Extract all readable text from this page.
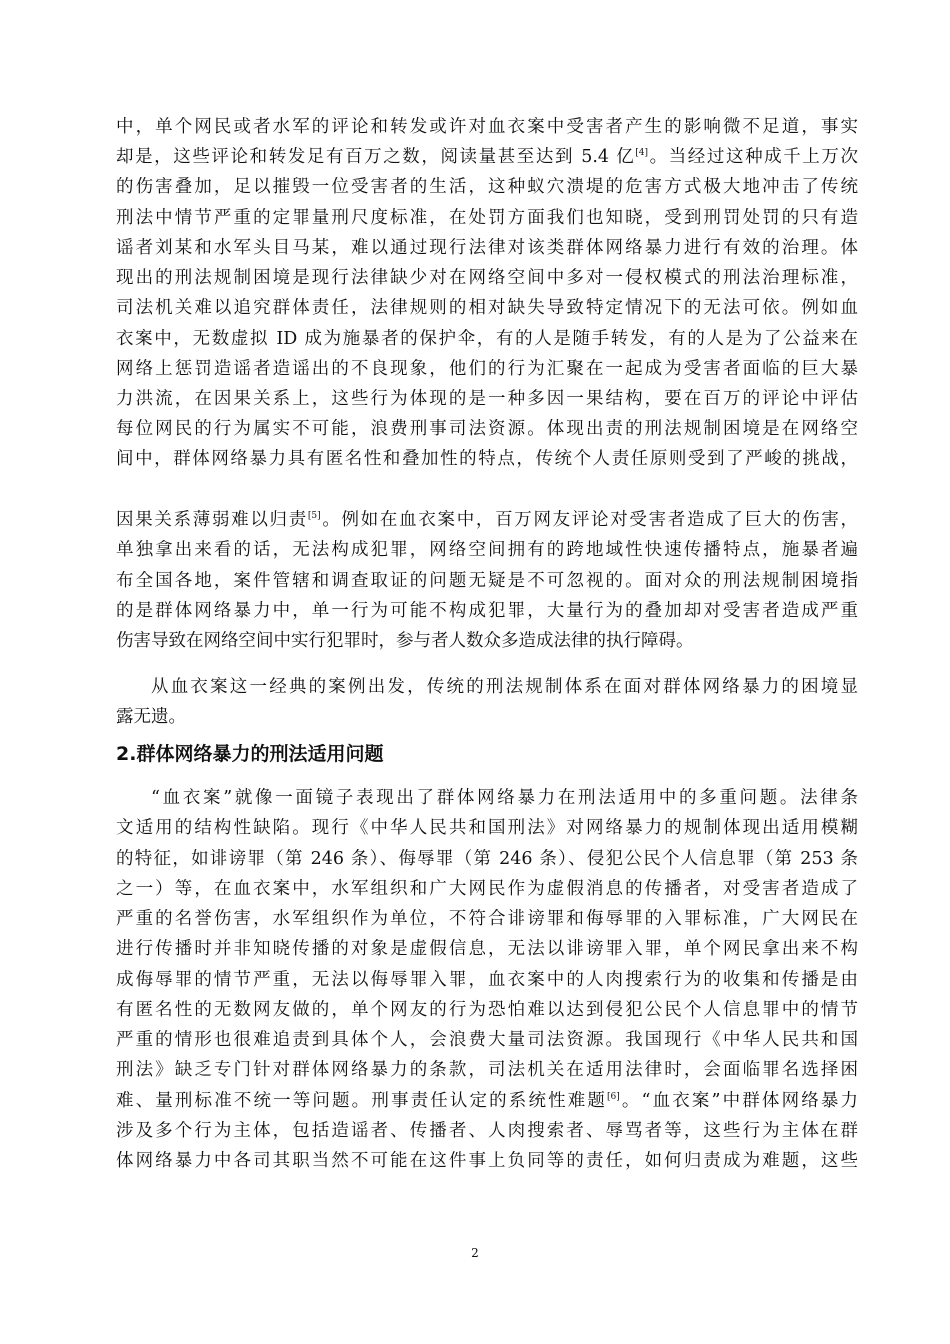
中，单个网民或者水军的评论和转发或许对血衣案中受害者产生的影响微不足道，事实
却是，这些评论和转发足有百万之数，阅读量甚至达到 5.4 亿[4]。当经过这种成千上万次
的伤害叠加，足以摧毁一位受害者的生活，这种蚁穴溃堤的危害方式极大地冲击了传统
刑法中情节严重的定罪量刑尺度标准，在处罚方面我们也知晓，受到刑罚处罚的只有造
谣者刘某和水军头目马某，难以通过现行法律对该类群体网络暴力进行有效的治理。体
现出的刑法规制困境是现行法律缺少对在网络空间中多对一侵权模式的刑法治理标准，
司法机关难以追究群体责任，法律规则的相对缺失导致特定情况下的无法可依。例如血
衣案中，无数虚拟 ID 成为施暴者的保护伞，有的人是随手转发，有的人是为了公益来在
网络上惩罚造谣者造谣出的不良现象，他们的行为汇聚在一起成为受害者面临的巨大暴
力洪流，在因果关系上，这些行为体现的是一种多因一果结构，要在百万的评论中评估
每位网民的行为属实不可能，浪费刑事司法资源。体现出责的刑法规制困境是在网络空
间中，群体网络暴力具有匿名性和叠加性的特点，传统个人责任原则受到了严峻的挑战，
因果关系薄弱难以归责[5]。例如在血衣案中，百万网友评论对受害者造成了巨大的伤害，
单独拿出来看的话，无法构成犯罪，网络空间拥有的跨地域性快速传播特点，施暴者遍
布全国各地，案件管辖和调查取证的问题无疑是不可忽视的。面对众的刑法规制困境指
的是群体网络暴力中，单一行为可能不构成犯罪，大量行为的叠加却对受害者造成严重
伤害导致在网络空间中实行犯罪时，参与者人数众多造成法律的执行障碍。
从血衣案这一经典的案例出发，传统的刑法规制体系在面对群体网络暴力的困境显
露无遗。
2.群体网络暴力的刑法适用问题
“血衣案”就像一面镜子表现出了群体网络暴力在刑法适用中的多重问题。法律条
文适用的结构性缺陷。现行《中华人民共和国刑法》对网络暴力的规制体现出适用模糊
的特征，如诽谤罪（第 246 条）、侮辱罪（第 246 条）、侵犯公民个人信息罪（第 253 条
之一）等，在血衣案中，水军组织和广大网民作为虚假消息的传播者，对受害者造成了
严重的名誉伤害，水军组织作为单位，不符合诽谤罪和侮辱罪的入罪标准，广大网民在
进行传播时并非知晓传播的对象是虚假信息，无法以诽谤罪入罪，单个网民拿出来不构
成侮辱罪的情节严重，无法以侮辱罪入罪，血衣案中的人肉搜索行为的收集和传播是由
有匿名性的无数网友做的，单个网友的行为恐怕难以达到侵犯公民个人信息罪中的情节
严重的情形也很难追责到具体个人，会浪费大量司法资源。我国现行《中华人民共和国
刑法》缺乏专门针对群体网络暴力的条款，司法机关在适用法律时，会面临罪名选择困
难、量刑标准不统一等问题。刑事责任认定的系统性难题[6]。“血衣案”中群体网络暴力
涉及多个行为主体，包括造谣者、传播者、人肉搜索者、辱骂者等，这些行为主体在群
体网络暴力中各司其职当然不可能在这件事上负同等的责任，如何归责成为难题，这些
2
